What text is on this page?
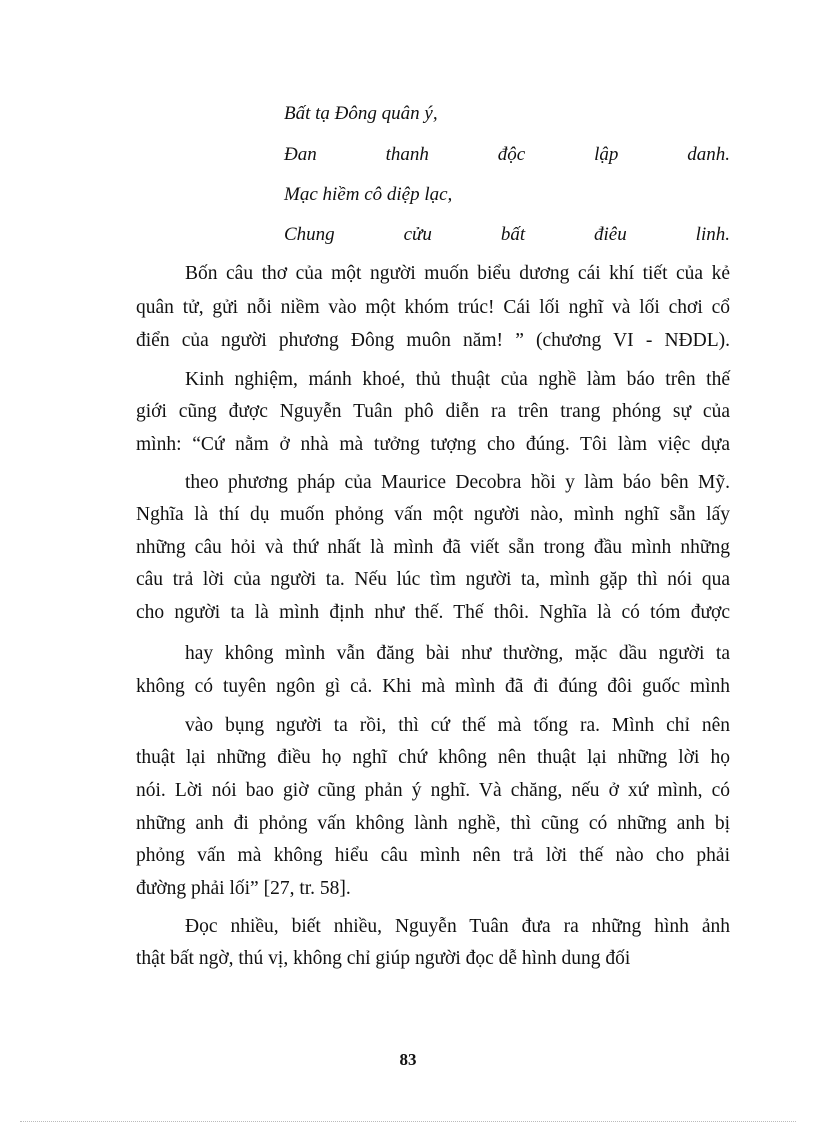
Bất tạ Đông quân ý,
Đan	thanh	độc	lập	danh.
Mạc hiềm cô diệp lạc,
Chung	cửu	bất	điêu	linh.
Bốn câu thơ của một người muốn biểu dương cái khí tiết của kẻ
quân tử, gửi nỗi niềm vào một khóm trúc! Cái lối nghĩ và lối chơi cổ
điển của người phương Đông muôn năm! ” (chương VI - NĐDL).
Kinh nghiệm, mánh khoé, thủ thuật của nghề làm báo trên thế
giới cũng được Nguyễn Tuân phô diễn ra trên trang phóng sự của
mình: “Cứ nằm ở nhà mà tưởng tượng cho đúng. Tôi làm việc dựa
theo phương pháp của Maurice Decobra hồi y làm báo bên Mỹ.
Nghĩa là thí dụ muốn phỏng vấn một người nào, mình nghĩ sẵn lấy
những câu hỏi và thứ nhất là mình đã viết sẵn trong đầu mình những
câu trả lời của người ta. Nếu lúc tìm người ta, mình gặp thì nói qua
cho người ta là mình định như thế. Thế thôi. Nghĩa là có tóm được
hay không mình vẫn đăng bài như thường, mặc dầu người ta
không có tuyên ngôn gì cả. Khi mà mình đã đi đúng đôi guốc mình
vào bụng người ta rồi, thì cứ thế mà tống ra. Mình chỉ nên
thuật lại những điều họ nghĩ chứ không nên thuật lại những lời họ
nói. Lời nói bao giờ cũng phản ý nghĩ. Và chăng, nếu ở xứ mình, có
những anh đi phỏng vấn không lành nghề, thì cũng có những anh bị
phỏng vấn mà không hiểu câu mình nên trả lời thế nào cho phải
đường phải lối” [27, tr. 58].
Đọc nhiều, biết nhiều, Nguyễn Tuân đưa ra những hình ảnh
thật bất ngờ, thú vị, không chỉ giúp người đọc dễ hình dung đối
83
